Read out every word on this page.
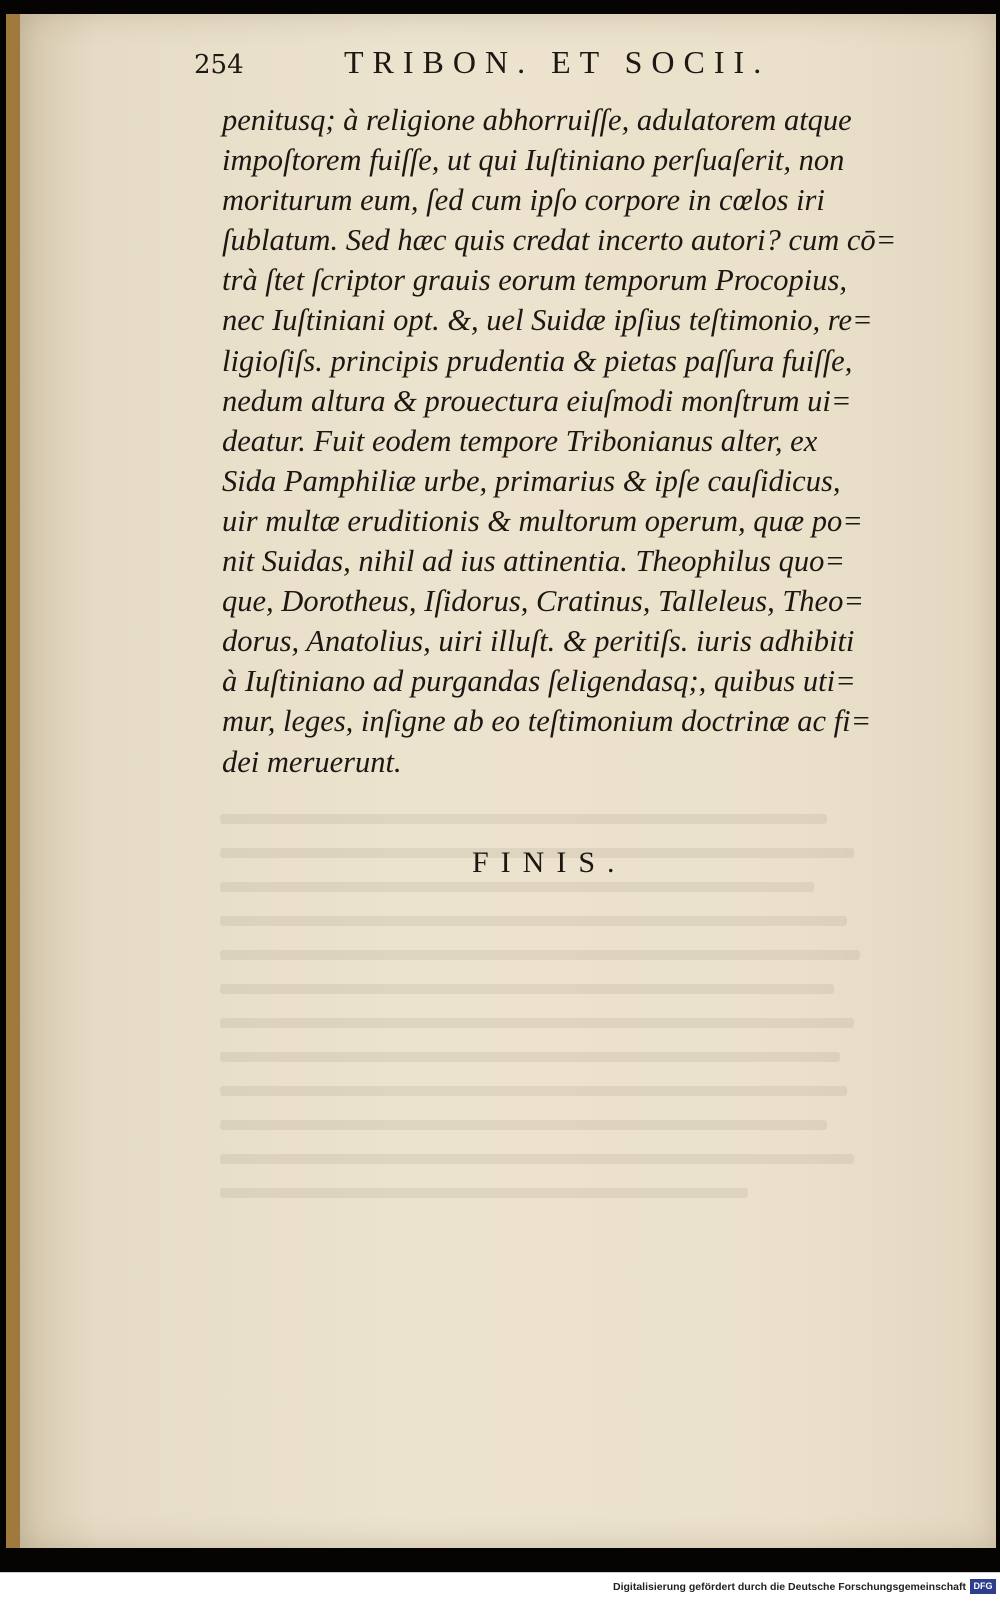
254	TRIBON. ET SOCII.
penitusq; à religione abhorruiſſe, adulatorem atque
impoſtorem fuiſſe, ut qui Iuſtiniano perſuaſerit, non
moriturum eum, ſed cum ipſo corpore in cœlos iri
ſublatum. Sed hæc quis credat incerto autori? cum cō=
trà ſtet ſcriptor grauis eorum temporum Procopius,
nec Iuſtiniani opt. &, uel Suidæ ipſius teſtimonio, re=
ligioſiſs. principis prudentia & pietas paſſura fuiſſe,
nedum altura & prouectura eiuſmodi monſtrum ui=
deatur. Fuit eodem tempore Tribonianus alter, ex
Sida Pamphiliæ urbe, primarius & ipſe cauſidicus,
uir multæ eruditionis & multorum operum, quæ po=
nit Suidas, nihil ad ius attinentia. Theophilus quo=
que, Dorotheus, Iſidorus, Cratinus, Talleleus, Theo=
dorus, Anatolius, uiri illuſt. & peritiſs. iuris adhibiti
à Iuſtiniano ad purgandas ſeligendasq;, quibus uti=
mur, leges, inſigne ab eo teſtimonium doctrinæ ac fi=
dei meruerunt.
FINIS.
Digitalisierung gefördert durch die Deutsche Forschungsgemeinschaft DFG
